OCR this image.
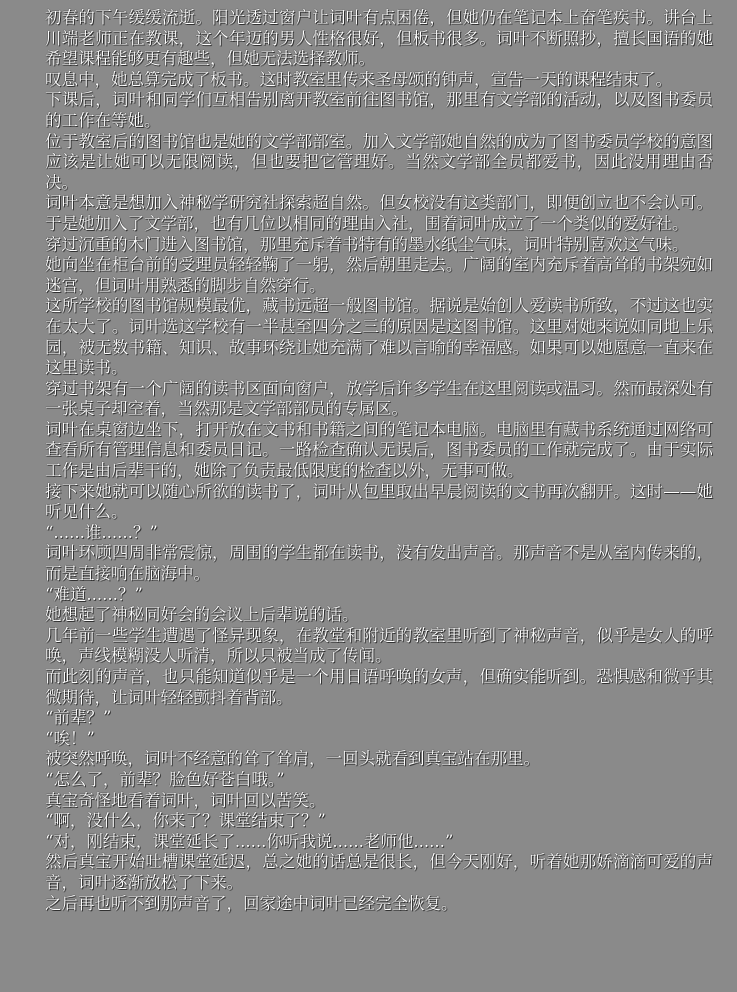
初春的下午缓缓流逝。阳光透过窗户让词叶有点困倦，但她仍在笔记本上奋笔疾书。讲台上川端老师正在教课，这个年迈的男人性格很好，但板书很多。词叶不断照抄，擅长国语的她希望课程能够更有趣些，但她无法选择教师。

叹息中，她总算完成了板书。这时教室里传来圣母颂的钟声，宣告一天的课程结束了。

下课后，词叶和同学们互相告别离开教室前往图书馆，那里有文学部的活动，以及图书委员的工作在等她。

位于教室后的图书馆也是她的文学部部室。加入文学部她自然的成为了图书委员学校的意图应该是让她可以无限阅读，但也要把它管理好。当然文学部全员都爱书，因此没用理由否决。

词叶本意是想加入神秘学研究社探索超自然。但女校没有这类部门，即便创立也不会认可。于是她加入了文学部，也有几位以相同的理由入社，围着词叶成立了一个类似的爱好社。

穿过沉重的木门进入图书馆，那里充斥着书特有的墨水纸尘气味，词叶特别喜欢这气味。

她向坐在柜台前的受理员轻轻鞠了一躬，然后朝里走去。广阔的室内充斥着高耸的书架宛如迷宫，但词叶用熟悉的脚步自然穿行。

这所学校的图书馆规模最优，藏书远超一般图书馆。据说是始创人爱读书所致，不过这也实在太大了。词叶选这学校有一半甚至四分之三的原因是这图书馆。这里对她来说如同地上乐园，被无数书籍、知识、故事环绕让她充满了难以言喻的幸福感。如果可以她愿意一直来在这里读书。

穿过书架有一个广阔的读书区面向窗户，放学后许多学生在这里阅读或温习。然而最深处有一张桌子却空着，当然那是文学部部员的专属区。

词叶在桌窗边坐下，打开放在文书和书籍之间的笔记本电脑。电脑里有藏书系统通过网络可查看所有管理信息和委员日记。一路检查确认无误后，图书委员的工作就完成了。由于实际工作是由后辈干的，她除了负责最低限度的检查以外，无事可做。

接下来她就可以随心所欲的读书了，词叶从包里取出早晨阅读的文书再次翻开。这时——她听见什么。

“......谁......？”

词叶环顾四周非常震惊，周围的学生都在读书，没有发出声音。那声音不是从室内传来的，而是直接响在脑海中。

“难道......？”

她想起了神秘同好会的会议上后辈说的话。

几年前一些学生遭遇了怪异现象，在教堂和附近的教室里听到了神秘声音，似乎是女人的呼唤，声线模糊没人听清，所以只被当成了传闻。

而此刻的声音，也只能知道似乎是一个用日语呼唤的女声，但确实能听到。恐惧感和微乎其微期待，让词叶轻轻颤抖着背部。

“前辈？”

“唉！”

被突然呼唤，词叶不经意的耸了耸肩，一回头就看到真宝站在那里。

“怎么了，前辈？脸色好苍白哦。”

真宝奇怪地看着词叶，词叶回以苦笑。

“啊，没什么，你来了？课堂结束了？”

“对，刚结束，课堂延长了......你听我说......老师他......”

然后真宝开始吐槽课堂延迟，总之她的话总是很长，但今天刚好，听着她那娇滴滴可爱的声音，词叶逐渐放松了下来。

之后再也听不到那声音了，回家途中词叶已经完全恢复。
